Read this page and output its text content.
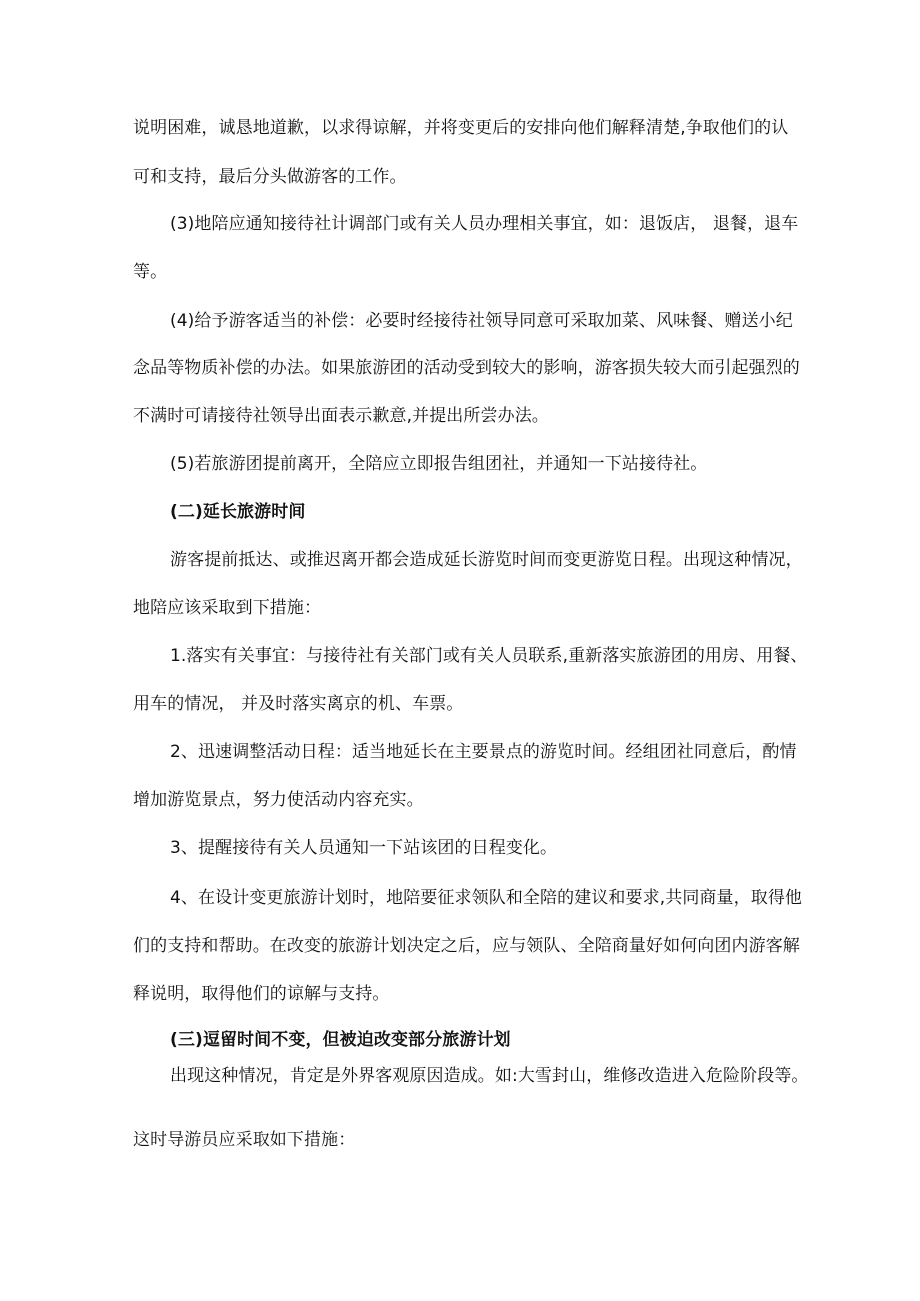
说明困难，诚恳地道歉，以求得谅解，并将变更后的安排向他们解释清楚,争取他们的认
可和支持，最后分头做游客的工作。
(3)地陪应通知接待社计调部门或有关人员办理相关事宜，如：退饭店， 退餐，退车
等。
(4)给予游客适当的补偿：必要时经接待社领导同意可采取加菜、风味餐、赠送小纪
念品等物质补偿的办法。如果旅游团的活动受到较大的影响，游客损失较大而引起强烈的
不满时可请接待社领导出面表示歉意,并提出所尝办法。
(5)若旅游团提前离开，全陪应立即报告组团社，并通知一下站接待社。
(二)延长旅游时间
游客提前抵达、或推迟离开都会造成延长游览时间而变更游览日程。出现这种情况，
地陪应该采取到下措施：
1.落实有关事宜：与接待社有关部门或有关人员联系,重新落实旅游团的用房、用餐、
用车的情况， 并及时落实离京的机、车票。
2、迅速调整活动日程：适当地延长在主要景点的游览时间。经组团社同意后，酌情
增加游览景点，努力使活动内容充实。
3、提醒接待有关人员通知一下站该团的日程变化。
4、在设计变更旅游计划时，地陪要征求领队和全陪的建议和要求,共同商量，取得他
们的支持和帮助。在改变的旅游计划决定之后，应与领队、全陪商量好如何向团内游客解
释说明，取得他们的谅解与支持。
(三)逗留时间不变，但被迫改变部分旅游计划
出现这种情况，肯定是外界客观原因造成。如:大雪封山，维修改造进入危险阶段等。
这时导游员应采取如下措施：
